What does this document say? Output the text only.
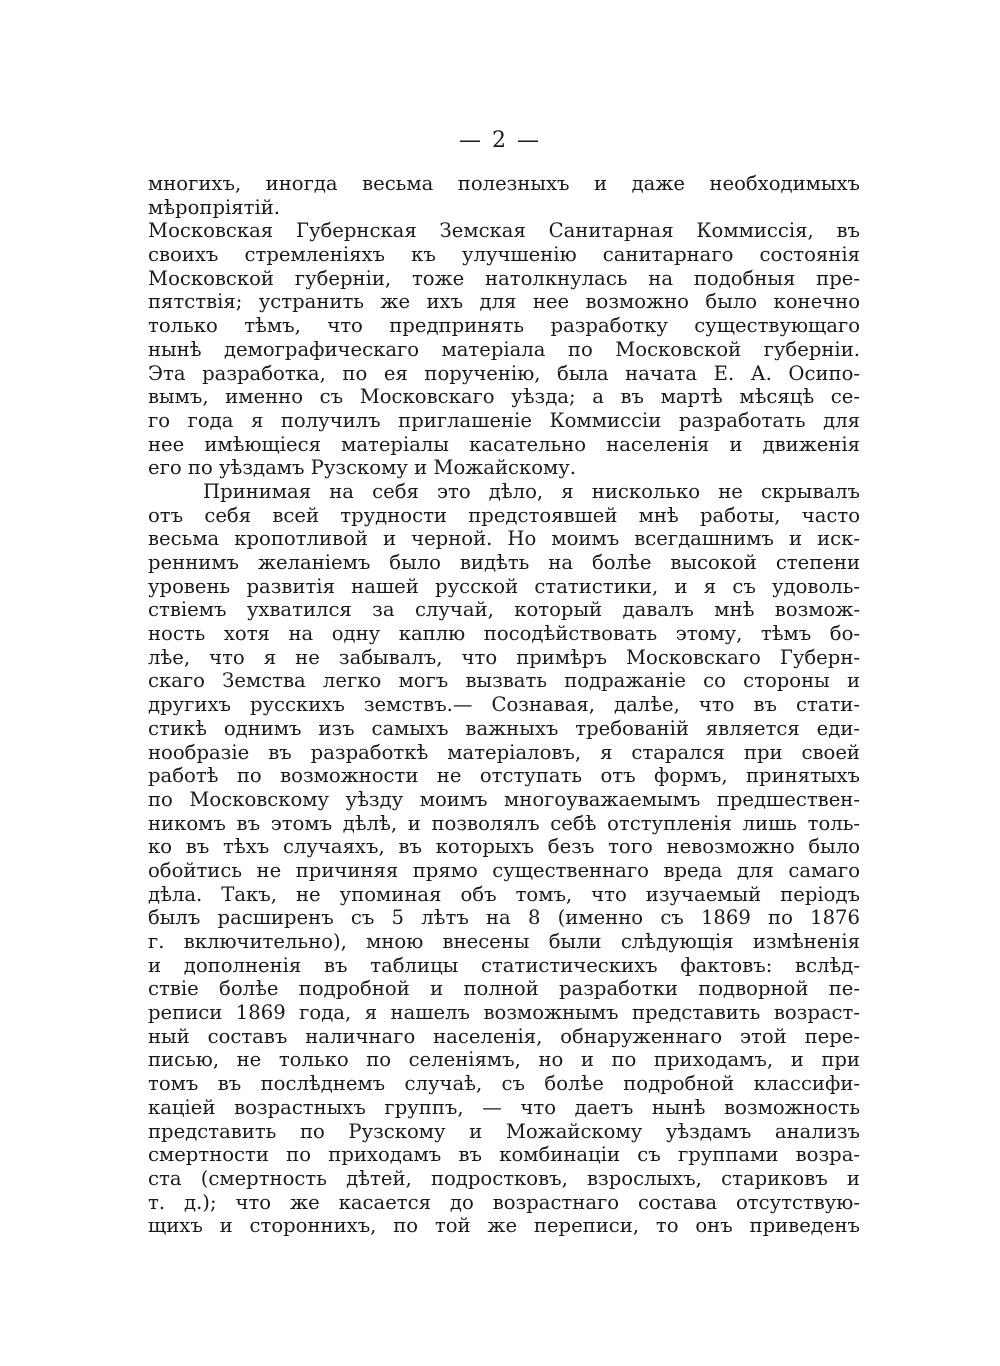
— 2 —
многихъ, иногда весьма полезныхъ и даже необходимыхъ
мѣропріятій.
Московская Губернская Земская Санитарная Коммиссія, въ
своихъ стремленіяхъ къ улучшенію санитарнаго состоянія
Московской губерніи, тоже натолкнулась на подобныя пре-
пятствія; устранить же ихъ для нее возможно было конечно
только тѣмъ, что предпринять разработку существующаго
нынѣ демографическаго матеріала по Московской губерніи.
Эта разработка, по ея порученію, была начата Е. А. Осипо-
вымъ, именно съ Московскаго уѣзда; а въ мартѣ мѣсяцѣ се-
го года я получилъ приглашеніе Коммиссіи разработать для
нее имѣющіеся матеріалы касательно населенія и движенія
его по уѣздамъ Рузскому и Можайскому.
Принимая на себя это дѣло, я нисколько не скрывалъ
отъ себя всей трудности предстоявшей мнѣ работы, часто
весьма кропотливой и черной. Но моимъ всегдашнимъ и иск-
реннимъ желаніемъ было видѣть на болѣе высокой степени
уровень развитія нашей русской статистики, и я съ удоволь-
ствіемъ ухватился за случай, который давалъ мнѣ возмож-
ность хотя на одну каплю посодѣйствовать этому, тѣмъ бо-
лѣе, что я не забывалъ, что примѣръ Московскаго Губерн-
скаго Земства легко могъ вызвать подражаніе со стороны и
другихъ русскихъ земствъ.— Сознавая, далѣе, что въ стати-
стикѣ однимъ изъ самыхъ важныхъ требованій является еди-
нообразіе въ разработкѣ матеріаловъ, я старался при своей
работѣ по возможности не отступать отъ формъ, принятыхъ
по Московскому уѣзду моимъ многоуважаемымъ предшествен-
никомъ въ этомъ дѣлѣ, и позволялъ себѣ отступленія лишь толь-
ко въ тѣхъ случаяхъ, въ которыхъ безъ того невозможно было
обойтись не причиняя прямо существеннаго вреда для самаго
дѣла. Такъ, не упоминая объ томъ, что изучаемый періодъ
былъ расширенъ съ 5 лѣтъ на 8 (именно съ 1869 по 1876
г. включительно), мною внесены были слѣдующія измѣненія
и дополненія въ таблицы статистическихъ фактовъ: вслѣд-
ствіе болѣе подробной и полной разработки подворной пе-
реписи 1869 года, я нашелъ возможнымъ представить возраст-
ный составъ наличнаго населенія, обнаруженнаго этой пере-
писью, не только по селеніямъ, но и по приходамъ, и при
томъ въ послѣднемъ случаѣ, съ болѣе подробной классифи-
каціей возрастныхъ группъ, — что даетъ нынѣ возможность
представить по Рузскому и Можайскому уѣздамъ анализъ
смертности по приходамъ въ комбинаціи съ группами возра-
ста (смертность дѣтей, подростковъ, взрослыхъ, стариковъ и
т. д.); что же касается до возрастнаго состава отсутствую-
щихъ и стороннихъ, по той же переписи, то онъ приведенъ
